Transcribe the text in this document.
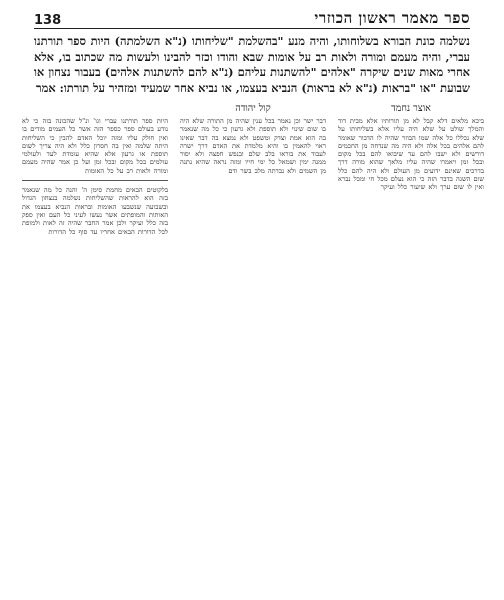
ספר מאמר ראשון הכוזרי
138
נשלמה כונת הבורא בשלוחותו, והיה מנע "בהשלמת "שליחותו (נ"א השלמתה) היות ספר תורתנו עברי, והיה מעמם ומורה ולאות רב על אומות שבא והודו וכזר להבינו ולעשות מה שכתוב בו, אלא אחרי מאות שנים שיקרה "אלהים "להשתנות עליהם (נ"א להם להשתנות אלהים) בעבור נצחון או שבועת "או "בראות (נ"א לא בראות) הנביא בעצמו, או נביא אחר שמעיד ומזהיר על תורתו: אמר
אוצר נחמד
ביכא מלאים דלא קבל לא מן תורותיו אלא מבית דוד והמלך שולט על שלא היה עליו אלא בשליחותו על שלא נכללו כל אלה שמו הבוזר שהיה לו הדבור שאומר להם אלהים בכל אלה ולא היה מה שנדחה מן החכמים דורשים ולא ישבו להם עד שיבואו להם בכל מקום ובכל זמן ויאמרו שהיה עליו מלאך שהוא מורה דרך בדרכים שאינם ידועים מן העולם ולא היה להם כלל שום השגה בדבר הזה כי הוא נעלם מכל חי ומכל נברא ואין לו שום ערך ולא שיעור כלל ועיקר
קול יהודה
דבר ישר וכן נאמר בכל ענין שהיה מן התורה שלא היה בו שום שינוי ולא תוספת ולא גרעון כי כל מה שנאמר בה הוא אמת וצדק ומשפט ולא נמצא בה דבר שאינו ראוי להאמין בו והיא מלמדת את האדם דרך ישרה לעבוד את בוראו בלב שלם ובנפש חפצה ולא יסור ממנה ימין ושמאל כל ימי חייו ומזה נראה שהיא נתנה מן השמים ולא נבדתה מלב בשר ודם
היות ספר תורתנו עברי וגו' ונ"ל שהכונה בזה כי לא נודע בעולם ספר כספר הזה אשר כל העמים מודים בו ואין חולק עליו ומזה יוכל האדם להבין כי השליחות היתה שלמה ואין בה חסרון כלל ולא היה צריך לשום תוספת או גרעון אלא שהיא עומדת לעד ולעולמי עולמים בכל מקום ובכל זמן ועל כן אמר שהיה מעמם ומורה ולאות רב על כל האומות
בלקוטים הבאים מחמת סימן ה' והנה כל מה שנאמר בזה הוא להראות שהשליחות נשלמה בנצחון הגדול ובשבועה שנשבעו האומות ובראות הנביא בעצמו את האותות והמופתים אשר נעשו לעיני כל העם ואין ספק בזה כלל ועיקר ולכן אמר החבר שהיה זה לאות ולמופת לכל הדורות הבאים אחריו עד סוף כל הדורות
